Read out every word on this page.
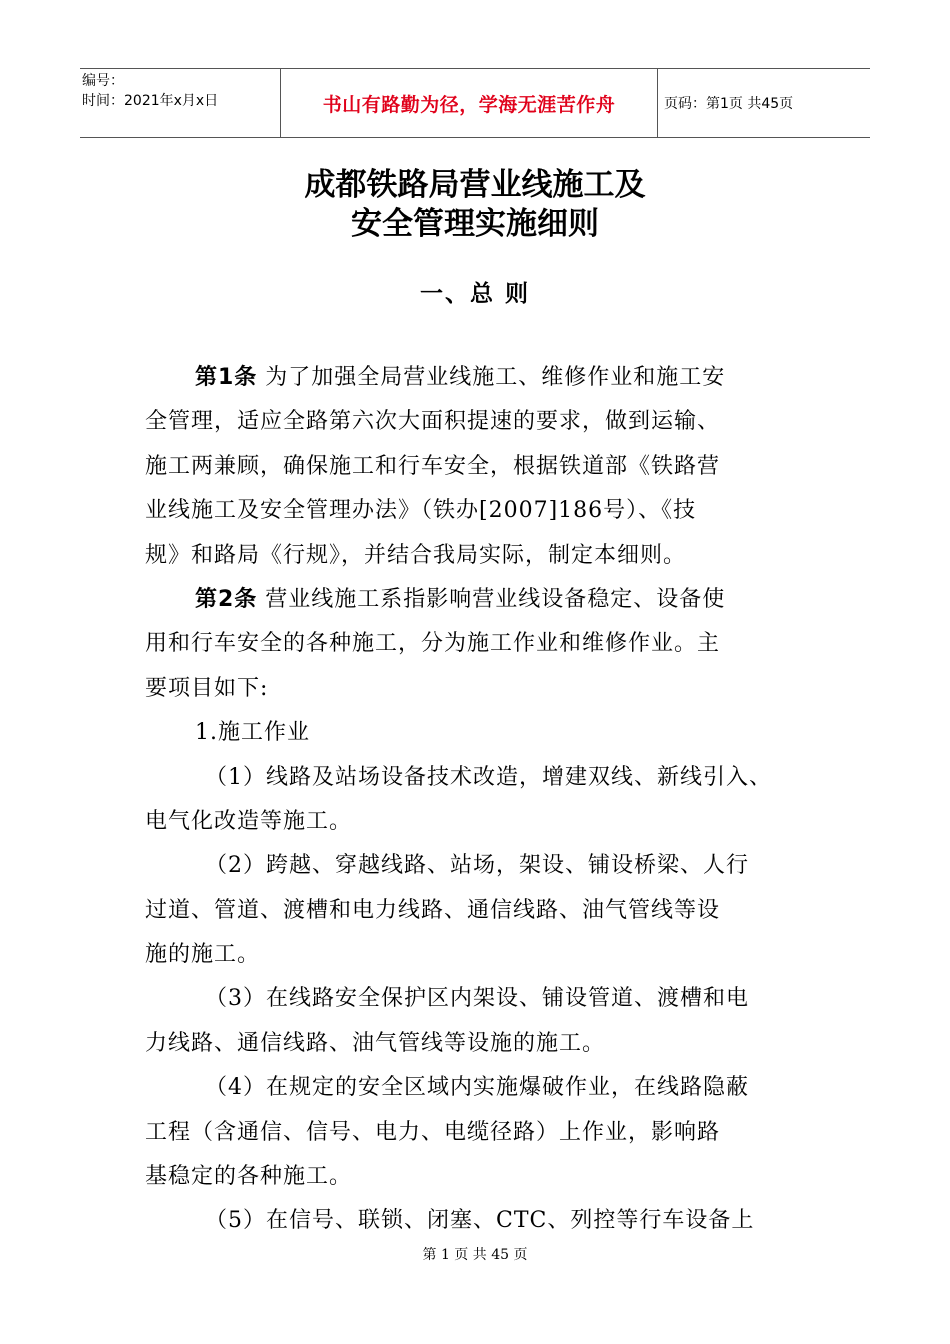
编号：
时间：2021年x月x日	书山有路勤为径，学海无涯苦作舟	页码：第1页 共45页
成都铁路局营业线施工及
安全管理实施细则
一、总 则
第1条 为了加强全局营业线施工、维修作业和施工安
全管理，适应全路第六次大面积提速的要求，做到运输、
施工两兼顾，确保施工和行车安全，根据铁道部《铁路营
业线施工及安全管理办法》（铁办[2007]186号）、《技
规》和路局《行规》，并结合我局实际，制定本细则。
第2条 营业线施工系指影响营业线设备稳定、设备使
用和行车安全的各种施工，分为施工作业和维修作业。主
要项目如下:
1.施工作业
（1）线路及站场设备技术改造，增建双线、新线引入、
电气化改造等施工。
（2）跨越、穿越线路、站场，架设、铺设桥梁、人行
过道、管道、渡槽和电力线路、通信线路、油气管线等设
施的施工。
（3）在线路安全保护区内架设、铺设管道、渡槽和电
力线路、通信线路、油气管线等设施的施工。
（4）在规定的安全区域内实施爆破作业，在线路隐蔽
工程（含通信、信号、电力、电缆径路）上作业，影响路
基稳定的各种施工。
（5）在信号、联锁、闭塞、CTC、列控等行车设备上
第 1 页 共 45 页
